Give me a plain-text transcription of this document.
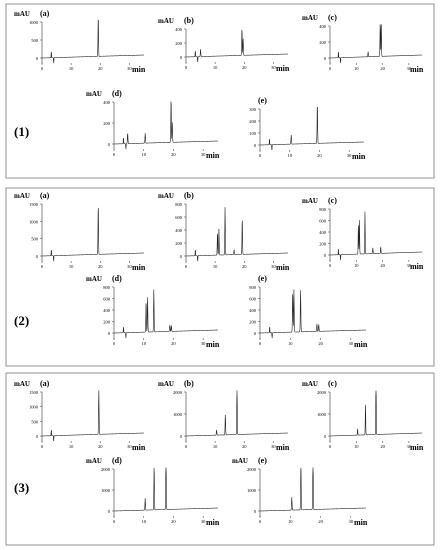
(1)
mAU (a)
min
1000
500
0
0	10	20	30
mAU (b)
min
400
200
0
0	10	20	30
mAU (c)
min
400
200
0
0	10	20	30
mAU (d)
min
400
200
0
0	10	20	30
(e)
min
300
200
100
0
0	10	20	30
(2)
mAU (a)
min
1500
1000
500
0
0	10	20	30
mAU (b)
min
800
600
400
200
0
0	10	20	30
mAU (c)
min
800
600
400
200
0
0	10	20	30
mAU (d)
min
800
600
400
200
0
0	10	20	30
(e)
min
800
600
400
200
0
0	10	20	30
(3)
mAU (a)
min
1500
1000
500
0
0	10	20	30
mAU (b)
min
2000
1000
0
0	10	20	30
mAU (c)
min
2000
1000
0
0	10	20	30
mAU (d)
min
2000
1000
0
0	10	20	30
mAU (e)
min
2000
1000
0
0	10	20	30
